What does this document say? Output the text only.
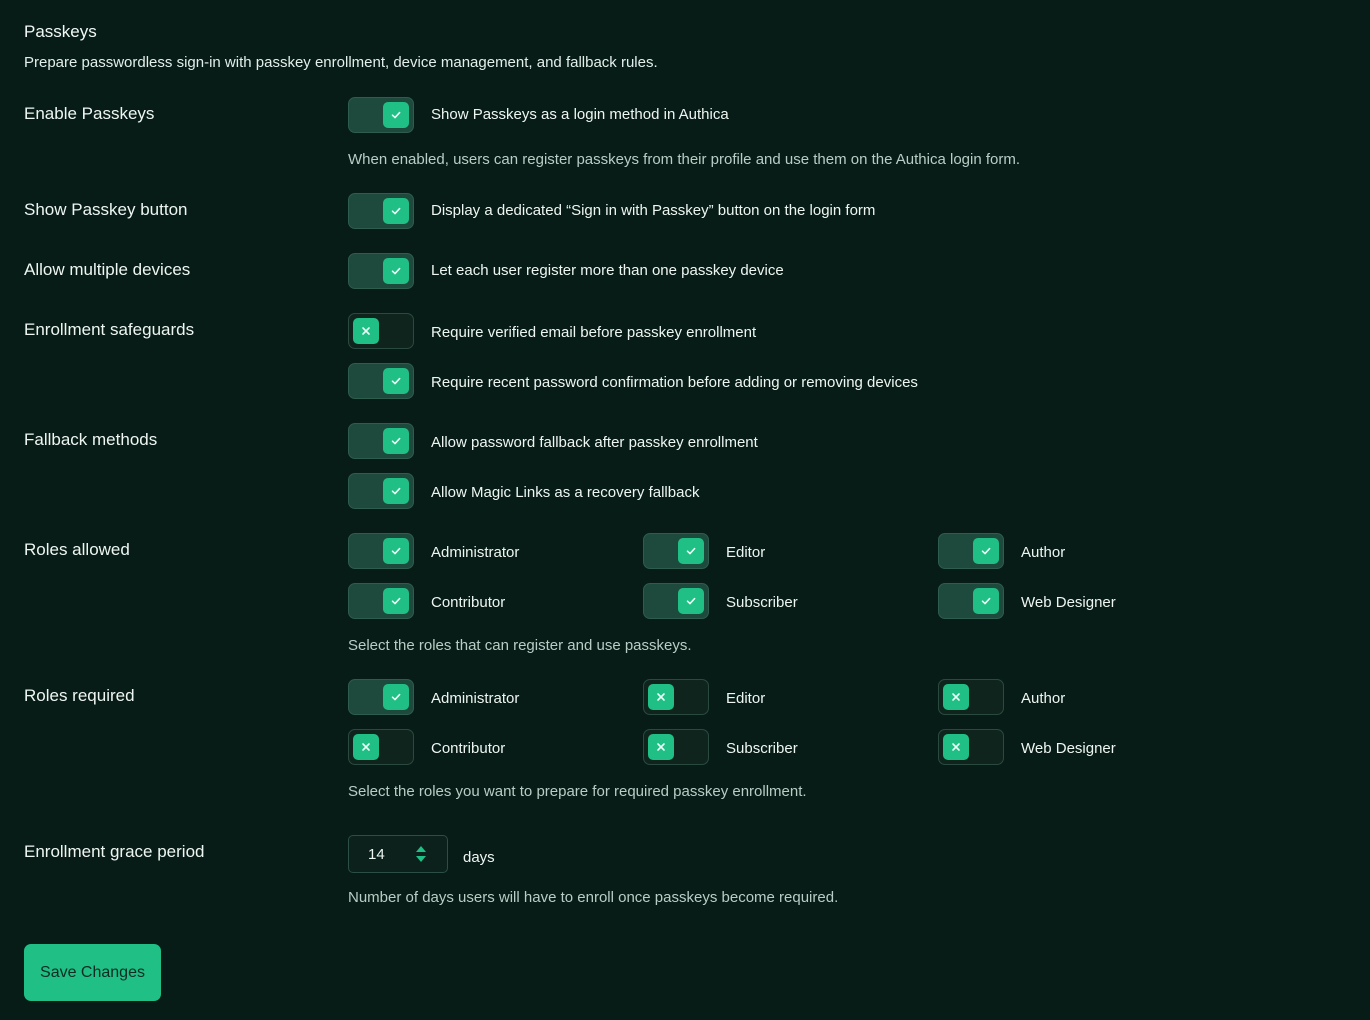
Passkeys
Prepare passwordless sign-in with passkey enrollment, device management, and fallback rules.
Enable Passkeys	Show Passkeys as a login method in Authica
When enabled, users can register passkeys from their profile and use them on the Authica login form.
Show Passkey button	Display a dedicated “Sign in with Passkey” button on the login form
Allow multiple devices	Let each user register more than one passkey device
Enrollment safeguards	Require verified email before passkey enrollment
Require recent password confirmation before adding or removing devices
Fallback methods	Allow password fallback after passkey enrollment
Allow Magic Links as a recovery fallback
Roles allowed	Administrator	Editor	Author
Contributor	Subscriber	Web Designer
Select the roles that can register and use passkeys.
Roles required	Administrator	Editor	Author
Contributor	Subscriber	Web Designer
Select the roles you want to prepare for required passkey enrollment.
Enrollment grace period	14	days
Number of days users will have to enroll once passkeys become required.
Save Changes
